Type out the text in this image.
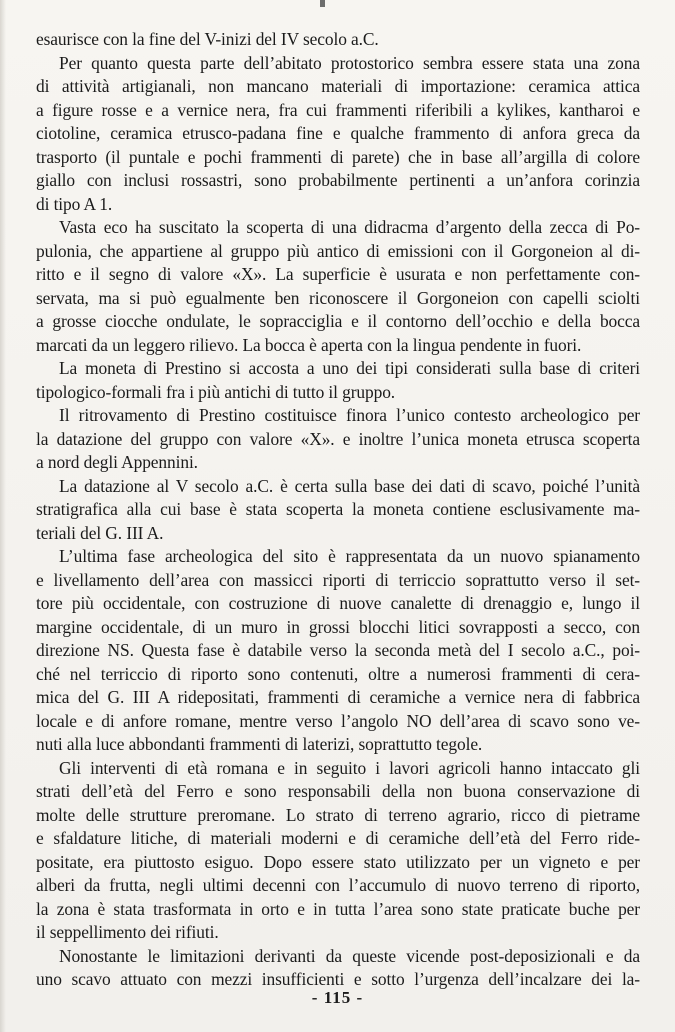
esaurisce con la fine del V-inizi del IV secolo a.C.
Per quanto questa parte dell’abitato protostorico sembra essere stata una zona
di attività artigianali, non mancano materiali di importazione: ceramica attica
a figure rosse e a vernice nera, fra cui frammenti riferibili a kylikes, kantharoi e
ciotoline, ceramica etrusco-padana fine e qualche frammento di anfora greca da
trasporto (il puntale e pochi frammenti di parete) che in base all’argilla di colore
giallo con inclusi rossastri, sono probabilmente pertinenti a un’anfora corinzia
di tipo A 1.
Vasta eco ha suscitato la scoperta di una didracma d’argento della zecca di Po-
pulonia, che appartiene al gruppo più antico di emissioni con il Gorgoneion al di-
ritto e il segno di valore «X». La superficie è usurata e non perfettamente con-
servata, ma si può egualmente ben riconoscere il Gorgoneion con capelli sciolti
a grosse ciocche ondulate, le sopracciglia e il contorno dell’occhio e della bocca
marcati da un leggero rilievo. La bocca è aperta con la lingua pendente in fuori.
La moneta di Prestino si accosta a uno dei tipi considerati sulla base di criteri
tipologico-formali fra i più antichi di tutto il gruppo.
Il ritrovamento di Prestino costituisce finora l’unico contesto archeologico per
la datazione del gruppo con valore «X». e inoltre l’unica moneta etrusca scoperta
a nord degli Appennini.
La datazione al V secolo a.C. è certa sulla base dei dati di scavo, poiché l’unità
stratigrafica alla cui base è stata scoperta la moneta contiene esclusivamente ma-
teriali del G. III A.
L’ultima fase archeologica del sito è rappresentata da un nuovo spianamento
e livellamento dell’area con massicci riporti di terriccio soprattutto verso il set-
tore più occidentale, con costruzione di nuove canalette di drenaggio e, lungo il
margine occidentale, di un muro in grossi blocchi litici sovrapposti a secco, con
direzione NS. Questa fase è databile verso la seconda metà del I secolo a.C., poi-
ché nel terriccio di riporto sono contenuti, oltre a numerosi frammenti di cera-
mica del G. III A ridepositati, frammenti di ceramiche a vernice nera di fabbrica
locale e di anfore romane, mentre verso l’angolo NO dell’area di scavo sono ve-
nuti alla luce abbondanti frammenti di laterizi, soprattutto tegole.
Gli interventi di età romana e in seguito i lavori agricoli hanno intaccato gli
strati dell’età del Ferro e sono responsabili della non buona conservazione di
molte delle strutture preromane. Lo strato di terreno agrario, ricco di pietrame
e sfaldature litiche, di materiali moderni e di ceramiche dell’età del Ferro ride-
positate, era piuttosto esiguo. Dopo essere stato utilizzato per un vigneto e per
alberi da frutta, negli ultimi decenni con l’accumulo di nuovo terreno di riporto,
la zona è stata trasformata in orto e in tutta l’area sono state praticate buche per
il seppellimento dei rifiuti.
Nonostante le limitazioni derivanti da queste vicende post-deposizionali e da
uno scavo attuato con mezzi insufficienti e sotto l’urgenza dell’incalzare dei la-
- 115 -
